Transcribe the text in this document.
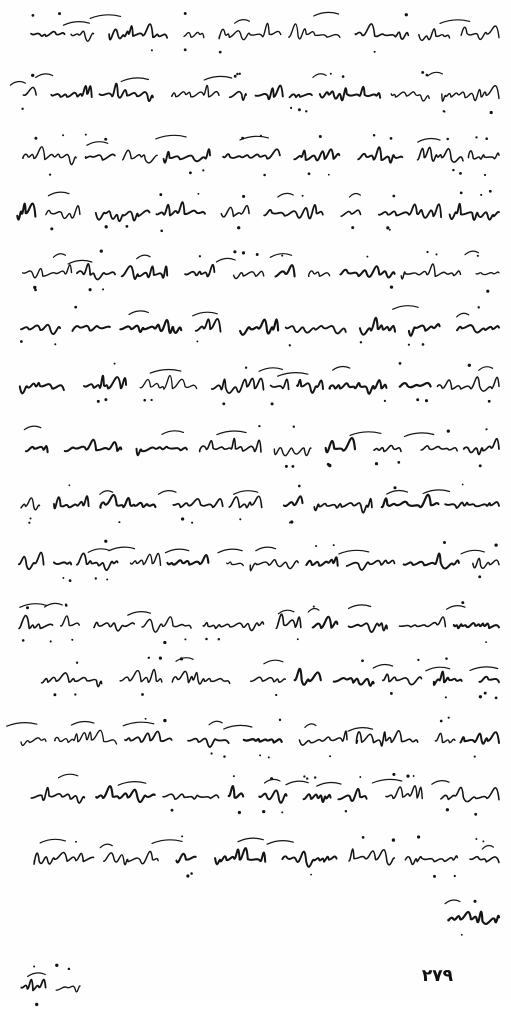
۲۷۹
